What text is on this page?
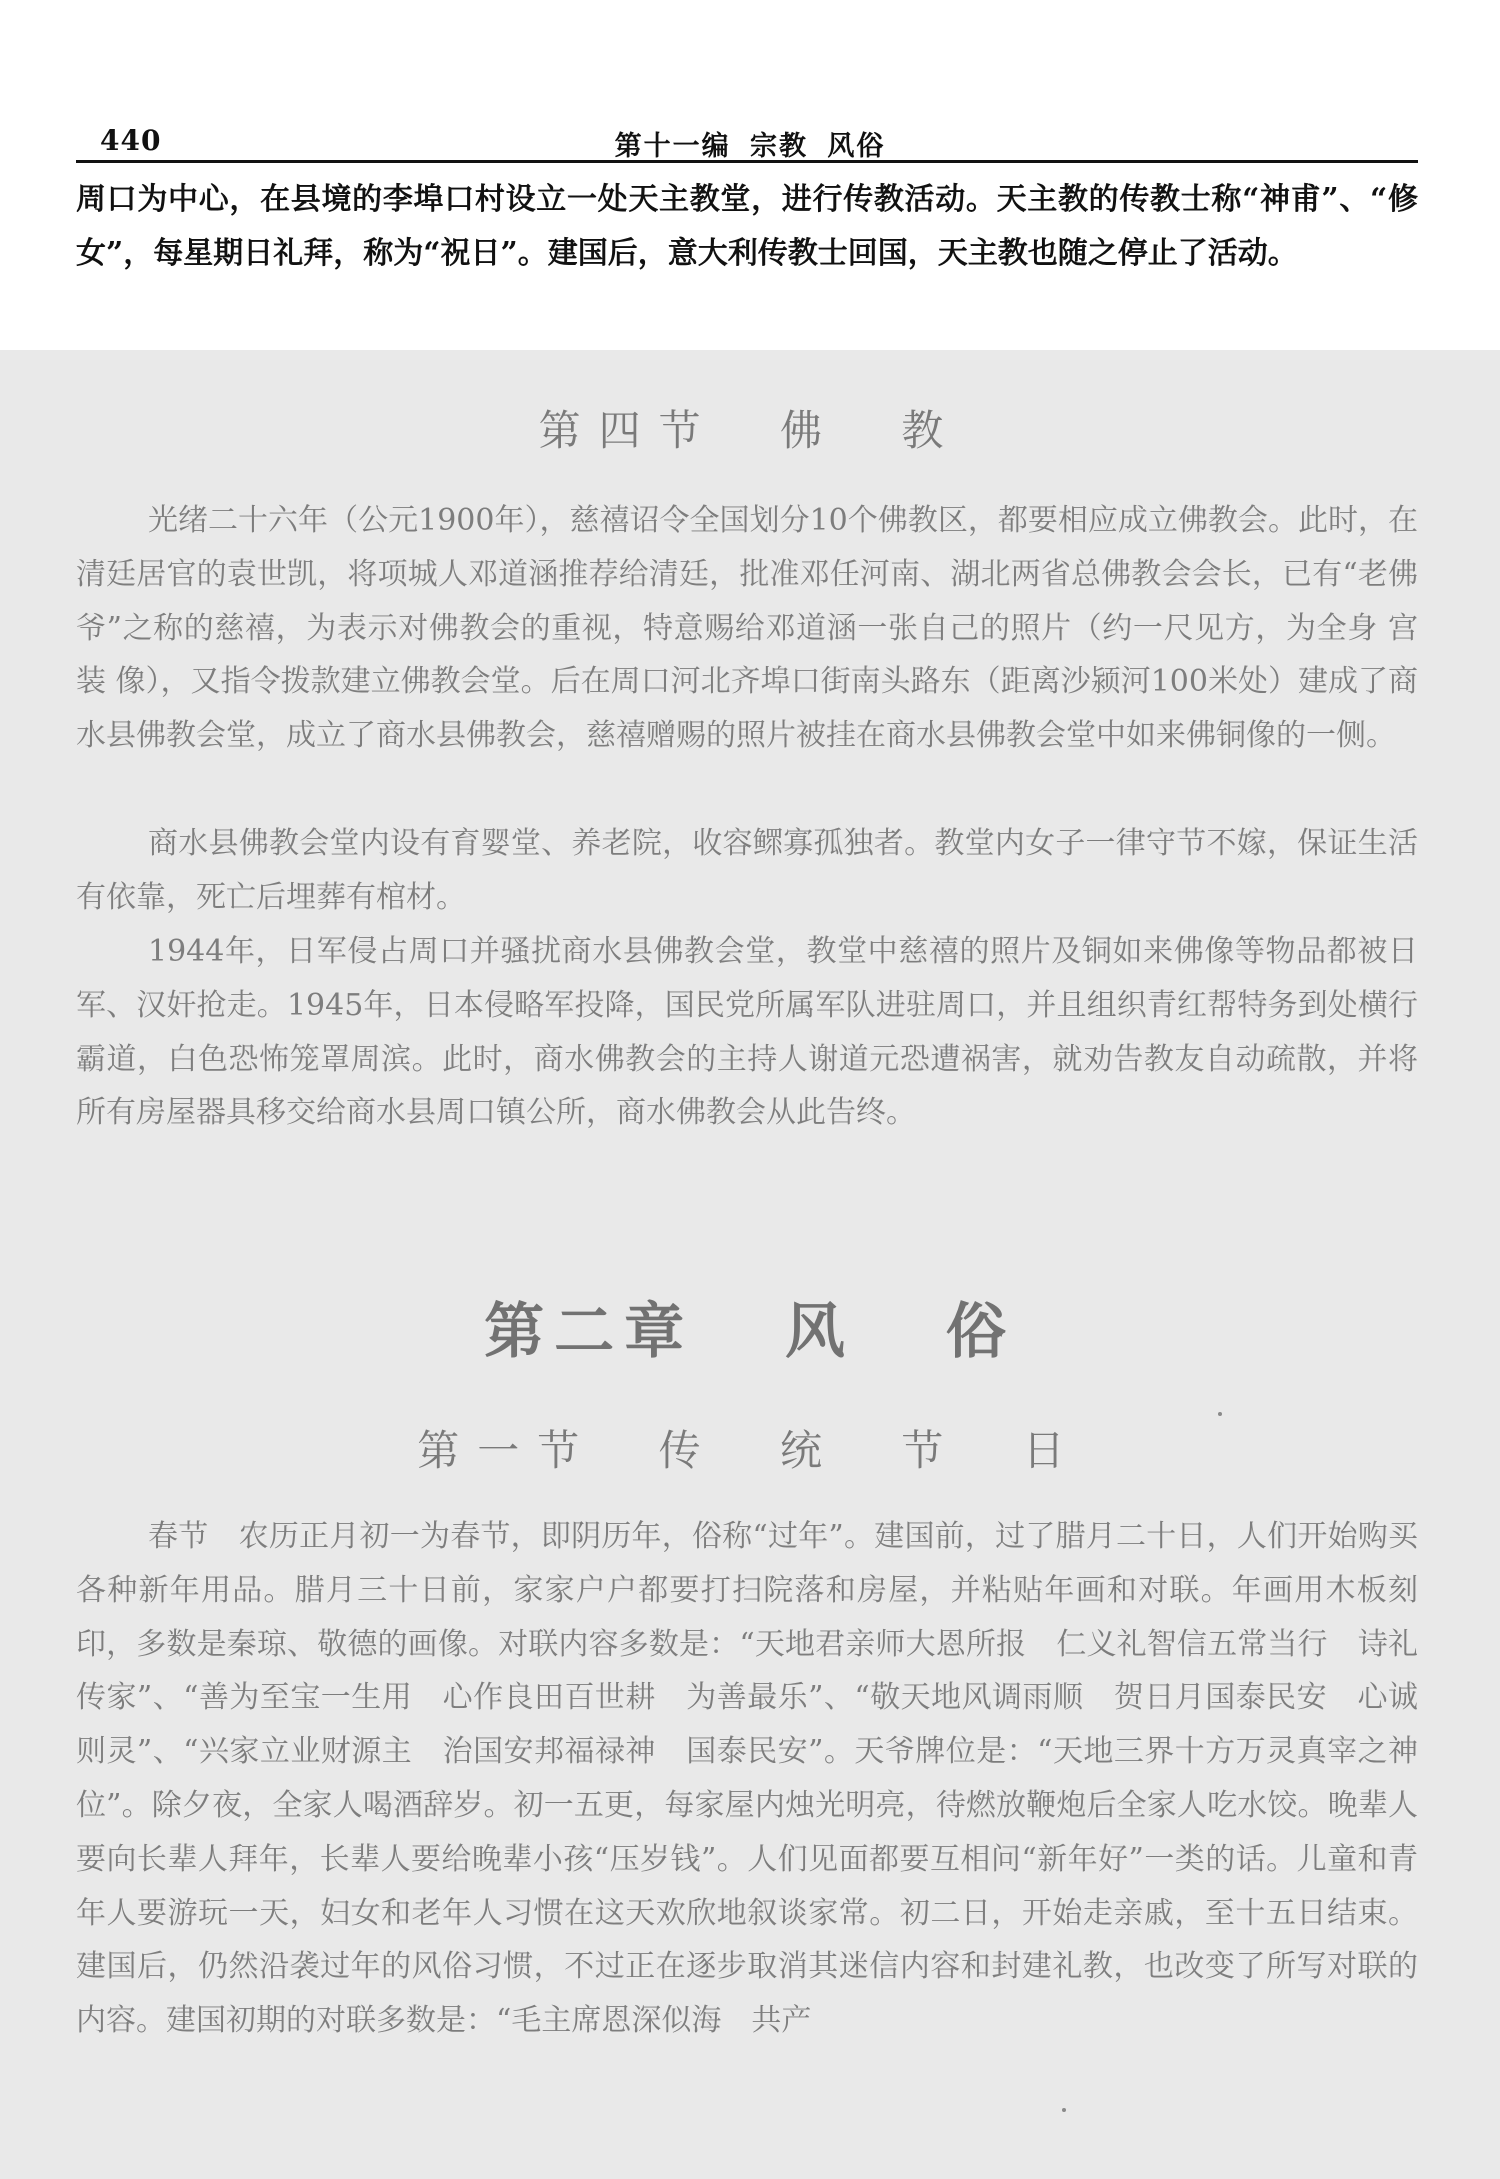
440	第十一编 宗教 风俗

周口为中心，在县境的李埠口村设立一处天主教堂，进行传教活动。天主教的传教士称“神甫”、“修女”，每星期日礼拜，称为“祝日”。建国后，意大利传教士回国，天主教也随之停止了活动。

第四节 佛 教

光绪二十六年（公元1900年），慈禧诏令全国划分10个佛教区，都要相应成立佛教会。此时，在清廷居官的袁世凯，将项城人邓道涵推荐给清廷，批准邓任河南、湖北两省总佛教会会长，已有“老佛爷”之称的慈禧，为表示对佛教会的重视，特意赐给邓道涵一张自己的照片（约一尺见方，为全身 宫 装 像），又指令拨款建立佛教会堂。后在周口河北齐埠口街南头路东（距离沙颍河100米处）建成了商水县佛教会堂，成立了商水县佛教会，慈禧赠赐的照片被挂在商水县佛教会堂中如来佛铜像的一侧。

商水县佛教会堂内设有育婴堂、养老院，收容鳏寡孤独者。教堂内女子一律守节不嫁，保证生活有依靠，死亡后埋葬有棺材。

1944年，日军侵占周口并骚扰商水县佛教会堂，教堂中慈禧的照片及铜如来佛像等物品都被日军、汉奸抢走。1945年，日本侵略军投降，国民党所属军队进驻周口，并且组织青红帮特务到处横行霸道，白色恐怖笼罩周滨。此时，商水佛教会的主持人谢道元恐遭祸害，就劝告教友自动疏散，并将所有房屋器具移交给商水县周口镇公所，商水佛教会从此告终。

第二章 风 俗
第一节 传 统 节 日

春节　农历正月初一为春节，即阴历年，俗称“过年”。建国前，过了腊月二十日，人们开始购买各种新年用品。腊月三十日前，家家户户都要打扫院落和房屋，并粘贴年画和对联。年画用木板刻印，多数是秦琼、敬德的画像。对联内容多数是：“天地君亲师大恩所报　仁义礼智信五常当行　诗礼传家”、“善为至宝一生用　心作良田百世耕　为善最乐”、“敬天地风调雨顺　贺日月国泰民安　心诚则灵”、“兴家立业财源主　治国安邦福禄神　国泰民安”。天爷牌位是：“天地三界十方万灵真宰之神位”。除夕夜，全家人喝酒辞岁。初一五更，每家屋内烛光明亮，待燃放鞭炮后全家人吃水饺。晚辈人要向长辈人拜年，长辈人要给晚辈小孩“压岁钱”。人们见面都要互相问“新年好”一类的话。儿童和青年人要游玩一天，妇女和老年人习惯在这天欢欣地叙谈家常。初二日，开始走亲戚，至十五日结束。建国后，仍然沿袭过年的风俗习惯，不过正在逐步取消其迷信内容和封建礼教，也改变了所写对联的内容。建国初期的对联多数是：“毛主席恩深似海　共产
